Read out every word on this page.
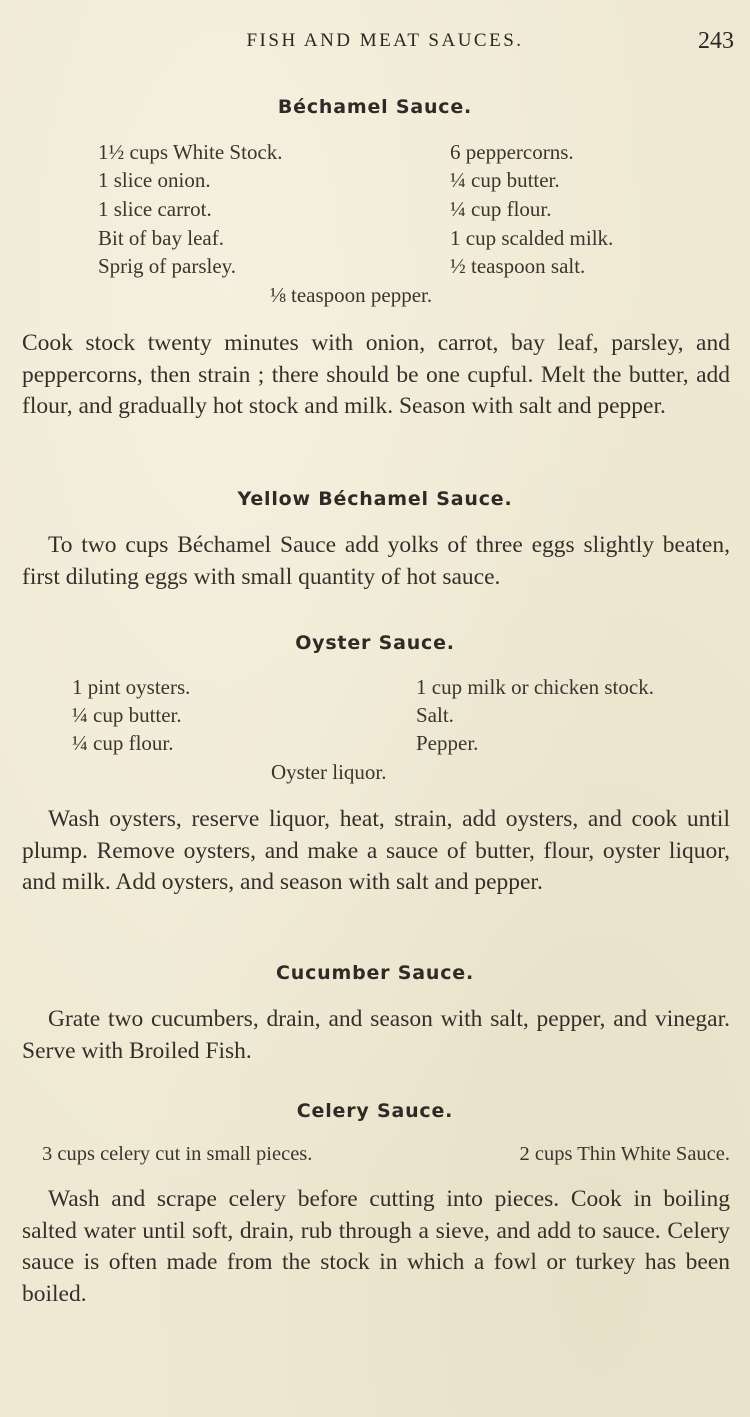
FISH AND MEAT SAUCES.	243
Béchamel Sauce.
1½ cups White Stock.
1 slice onion.
1 slice carrot.
Bit of bay leaf.
Sprig of parsley.
6 peppercorns.
¼ cup butter.
¼ cup flour.
1 cup scalded milk.
½ teaspoon salt.
⅛ teaspoon pepper.
Cook stock twenty minutes with onion, carrot, bay leaf, parsley, and peppercorns, then strain ; there should be one cupful. Melt the butter, add flour, and gradually hot stock and milk. Season with salt and pepper.
Yellow Béchamel Sauce.
To two cups Béchamel Sauce add yolks of three eggs slightly beaten, first diluting eggs with small quantity of hot sauce.
Oyster Sauce.
1 pint oysters.
¼ cup butter.
¼ cup flour.
1 cup milk or chicken stock.
Salt.
Pepper.
Oyster liquor.
Wash oysters, reserve liquor, heat, strain, add oysters, and cook until plump. Remove oysters, and make a sauce of butter, flour, oyster liquor, and milk. Add oysters, and season with salt and pepper.
Cucumber Sauce.
Grate two cucumbers, drain, and season with salt, pepper, and vinegar. Serve with Broiled Fish.
Celery Sauce.
3 cups celery cut in small pieces.	2 cups Thin White Sauce.
Wash and scrape celery before cutting into pieces. Cook in boiling salted water until soft, drain, rub through a sieve, and add to sauce. Celery sauce is often made from the stock in which a fowl or turkey has been boiled.
